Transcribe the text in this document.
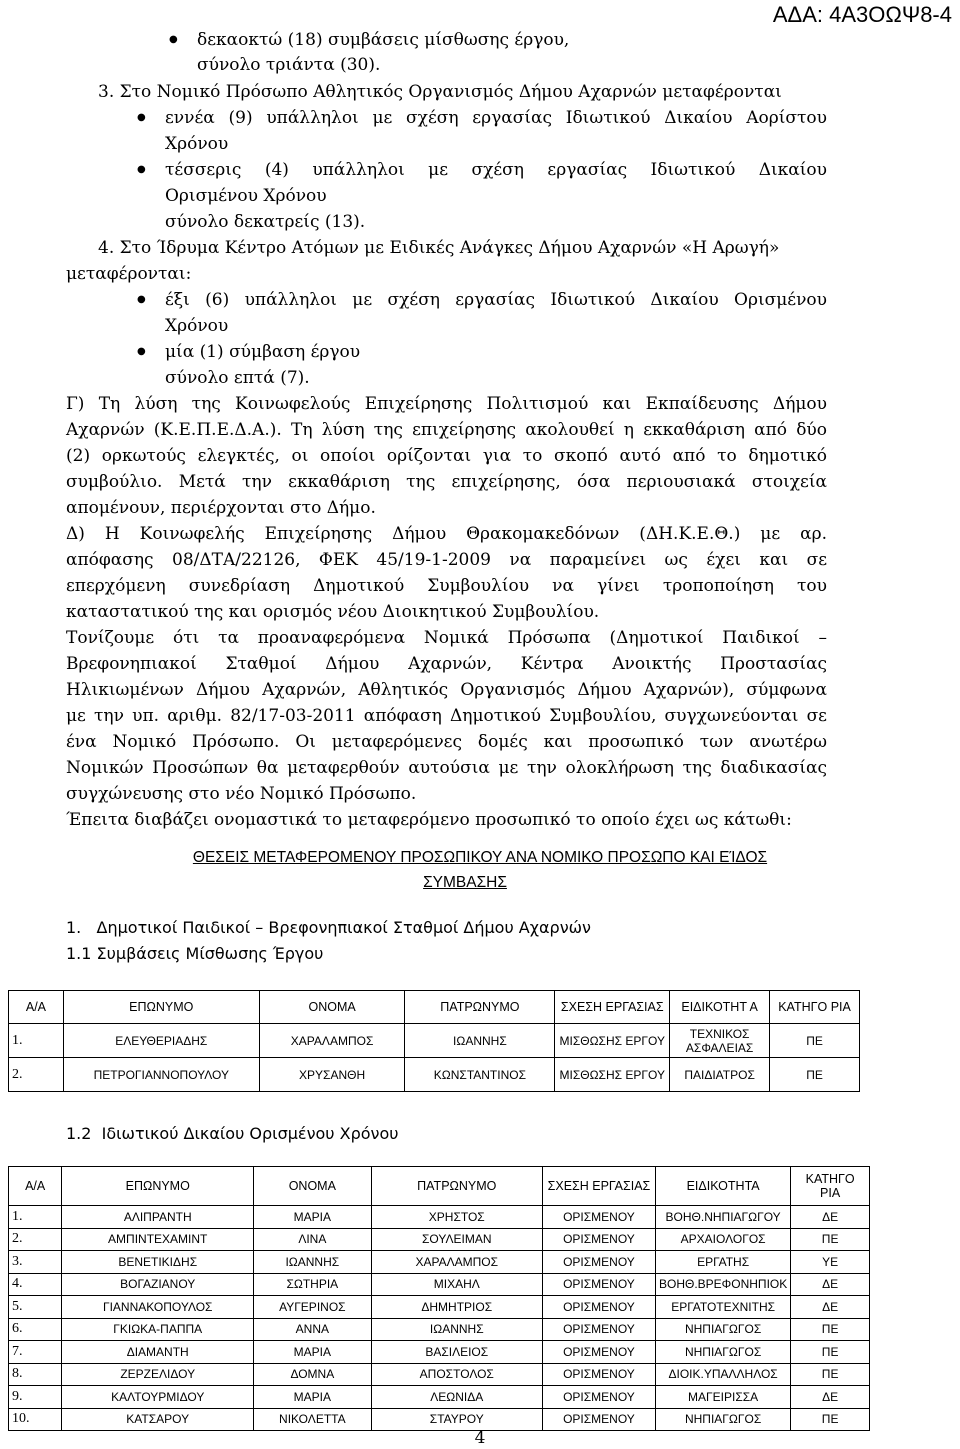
ΑΔΑ: 4Α3ΟΩΨ8-4
● δεκαοκτώ (18) συμβάσεις μίσθωσης έργου,
σύνολο τριάντα (30).
3. Στο Νομικό Πρόσωπο Αθλητικός Οργανισμός Δήμου Αχαρνών μεταφέρονται
● εννέα (9) υπάλληλοι με σχέση εργασίας Ιδιωτικού Δικαίου Αορίστου
Χρόνου
● τέσσερις (4) υπάλληλοι με σχέση εργασίας Ιδιωτικού Δικαίου
Ορισμένου Χρόνου
σύνολο δεκατρείς (13).
4. Στο Ίδρυμα Κέντρο Ατόμων με Ειδικές Ανάγκες Δήμου Αχαρνών «Η Αρωγή»
μεταφέρονται:
● έξι (6) υπάλληλοι με σχέση εργασίας Ιδιωτικού Δικαίου Ορισμένου
Χρόνου
● μία (1) σύμβαση έργου
σύνολο επτά (7).
Γ) Τη λύση της Κοινωφελούς Επιχείρησης Πολιτισμού και Εκπαίδευσης Δήμου
Αχαρνών (Κ.Ε.Π.Ε.Δ.Α.). Τη λύση της επιχείρησης ακολουθεί η εκκαθάριση από δύο
(2) ορκωτούς ελεγκτές, οι οποίοι ορίζονται για το σκοπό αυτό από το δημοτικό
συμβούλιο. Μετά την εκκαθάριση της επιχείρησης, όσα περιουσιακά στοιχεία
απομένουν, περιέρχονται στο Δήμο.
Δ) Η Κοινωφελής Επιχείρησης Δήμου Θρακομακεδόνων (ΔΗ.Κ.Ε.Θ.) με αρ.
απόφασης 08/ΔΤΑ/22126, ΦΕΚ 45/19-1-2009 να παραμείνει ως έχει και σε
επερχόμενη συνεδρίαση Δημοτικού Συμβουλίου να γίνει τροποποίηση του
καταστατικού της και ορισμός νέου Διοικητικού Συμβουλίου.
Τονίζουμε ότι τα προαναφερόμενα Νομικά Πρόσωπα (Δημοτικοί Παιδικοί –
Βρεφονηπιακοί Σταθμοί Δήμου Αχαρνών, Κέντρα Ανοικτής Προστασίας
Ηλικιωμένων Δήμου Αχαρνών, Αθλητικός Οργανισμός Δήμου Αχαρνών), σύμφωνα
με την υπ. αριθμ. 82/17-03-2011 απόφαση Δημοτικού Συμβουλίου, συγχωνεύονται σε
ένα Νομικό Πρόσωπο. Οι μεταφερόμενες δομές και προσωπικό των ανωτέρω
Νομικών Προσώπων θα μεταφερθούν αυτούσια με την ολοκλήρωση της διαδικασίας
συγχώνευσης στο νέο Νομικό Πρόσωπο.
Έπειτα διαβάζει ονομαστικά το μεταφερόμενο προσωπικό το οποίο έχει ως κάτωθι:
ΘΕΣΕΙΣ ΜΕΤΑΦΕΡΟΜΕΝΟΥ ΠΡΟΣΩΠΙΚΟΥ ΑΝΑ ΝΟΜΙΚΟ ΠΡΟΣΩΠΟ ΚΑΙ ΕΊΔΟΣ
ΣΥΜΒΑΣΗΣ
1.   Δημοτικοί Παιδικοί – Βρεφονηπιακοί Σταθμοί Δήμου Αχαρνών
1.1 Συμβάσεις Μίσθωσης Έργου
Α/Α	ΕΠΩΝΥΜΟ	ΟΝΟΜΑ	ΠΑΤΡΩΝΥΜΟ	ΣΧΕΣΗ ΕΡΓΑΣΙΑΣ	ΕΙΔΙΚΟΤΗΤ Α	ΚΑΤΗΓΟ ΡΙΑ
1.	ΕΛΕΥΘΕΡΙΑΔΗΣ	ΧΑΡΑΛΑΜΠΟΣ	ΙΩΑΝΝΗΣ	ΜΙΣΘΩΣΗΣ ΕΡΓΟΥ	ΤΕΧΝΙΚΟΣ ΑΣΦΑΛΕΙΑΣ	ΠΕ
2.	ΠΕΤΡΟΓΙΑΝΝΟΠΟΥΛΟΥ	ΧΡΥΣΑΝΘΗ	ΚΩΝΣΤΑΝΤΙΝΟΣ	ΜΙΣΘΩΣΗΣ ΕΡΓΟΥ	ΠΑΙΔΙΑΤΡΟΣ	ΠΕ
1.2  Ιδιωτικού Δικαίου Ορισμένου Χρόνου
Α/Α	ΕΠΩΝΥΜΟ	ΟΝΟΜΑ	ΠΑΤΡΩΝΥΜΟ	ΣΧΕΣΗ ΕΡΓΑΣΙΑΣ	ΕΙΔΙΚΟΤΗΤΑ	ΚΑΤΗΓΟ ΡΙΑ
1.	ΑΛΙΠΡΑΝΤΗ	ΜΑΡΙΑ	ΧΡΗΣΤΟΣ	ΟΡΙΣΜΕΝΟΥ	ΒΟΗΘ.ΝΗΠΙΑΓΩΓΟΥ	ΔΕ
2.	ΑΜΠΙΝΤΕΧΑΜΙΝΤ	ΛΙΝΑ	ΣΟΥΛΕΙΜΑΝ	ΟΡΙΣΜΕΝΟΥ	ΑΡΧΑΙΟΛΟΓΟΣ	ΠΕ
3.	ΒΕΝΕΤΙΚΙΔΗΣ	ΙΩΑΝΝΗΣ	ΧΑΡΑΛΑΜΠΟΣ	ΟΡΙΣΜΕΝΟΥ	ΕΡΓΑΤΗΣ	ΥΕ
4.	ΒΟΓΑΖΙΑΝΟΥ	ΣΩΤΗΡΙΑ	ΜΙΧΑΗΛ	ΟΡΙΣΜΕΝΟΥ	ΒΟΗΘ.ΒΡΕΦΟΝΗΠΙΟΚ	ΔΕ
5.	ΓΙΑΝΝΑΚΟΠΟΥΛΟΣ	ΑΥΓΕΡΙΝΟΣ	ΔΗΜΗΤΡΙΟΣ	ΟΡΙΣΜΕΝΟΥ	ΕΡΓΑΤΟΤΕΧΝΙΤΗΣ	ΔΕ
6.	ΓΚΙΩΚΑ-ΠΑΠΠΑ	ΑΝΝΑ	ΙΩΑΝΝΗΣ	ΟΡΙΣΜΕΝΟΥ	ΝΗΠΙΑΓΩΓΟΣ	ΠΕ
7.	ΔΙΑΜΑΝΤΗ	ΜΑΡΙΑ	ΒΑΣΙΛΕΙΟΣ	ΟΡΙΣΜΕΝΟΥ	ΝΗΠΙΑΓΩΓΟΣ	ΠΕ
8.	ΖΕΡΖΕΛΙΔΟΥ	ΔΟΜΝΑ	ΑΠΟΣΤΟΛΟΣ	ΟΡΙΣΜΕΝΟΥ	ΔΙΟΙΚ.ΥΠΑΛΛΗΛΟΣ	ΠΕ
9.	ΚΑΛΤΟΥΡΜΙΔΟΥ	ΜΑΡΙΑ	ΛΕΩΝΙΔΑ	ΟΡΙΣΜΕΝΟΥ	ΜΑΓΕΙΡΙΣΣΑ	ΔΕ
10.	ΚΑΤΣΑΡΟΥ	ΝΙΚΟΛΕΤΤΑ	ΣΤΑΥΡΟΥ	ΟΡΙΣΜΕΝΟΥ	ΝΗΠΙΑΓΩΓΟΣ	ΠΕ
4
